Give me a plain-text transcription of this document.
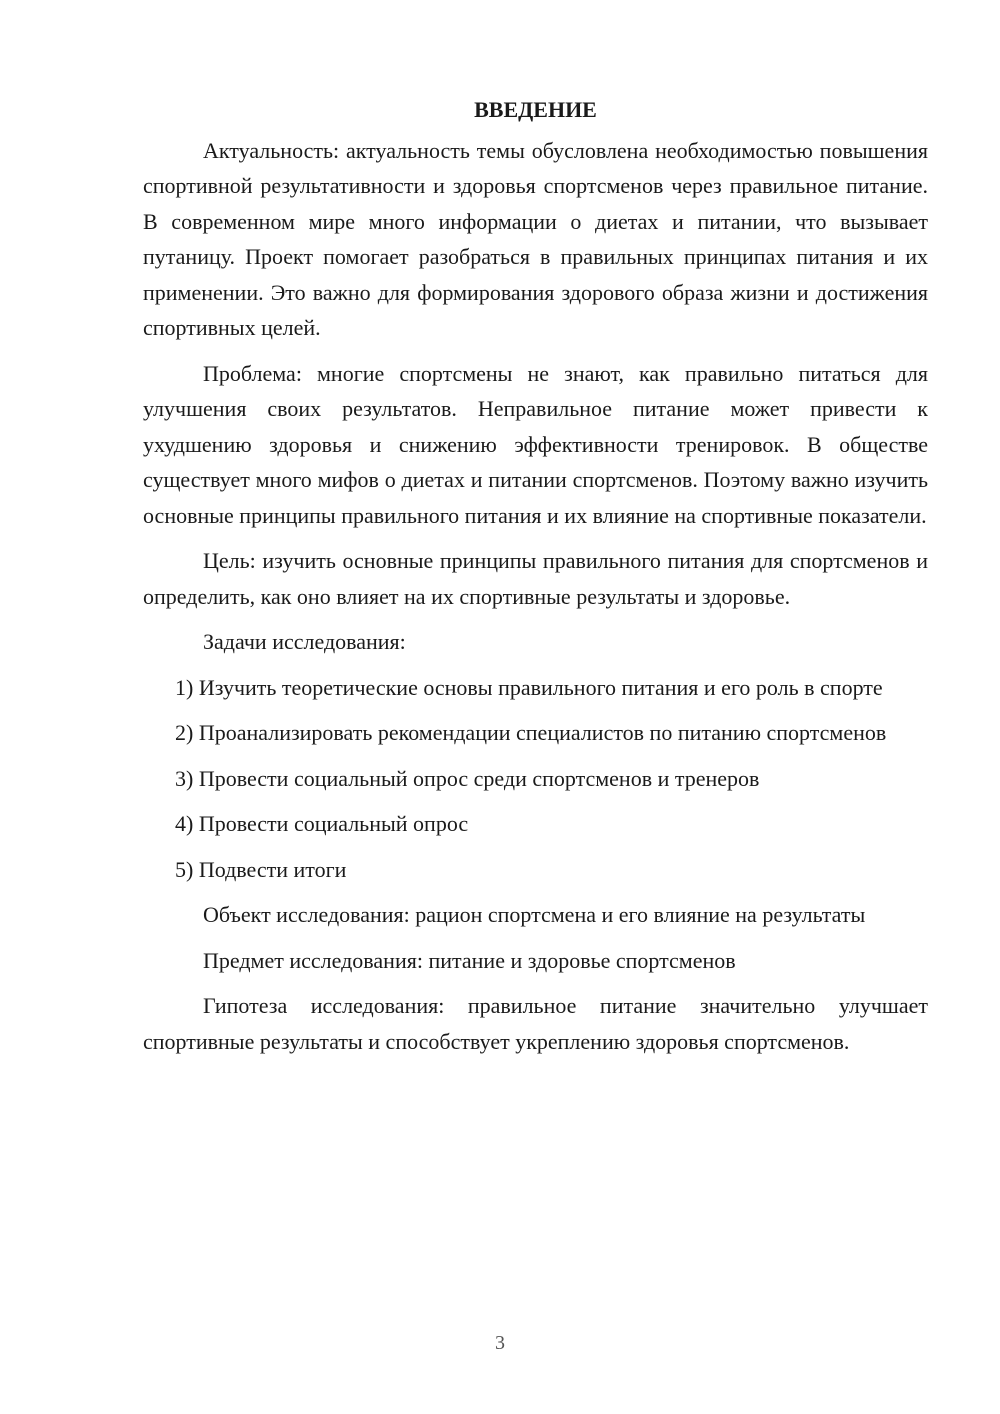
ВВЕДЕНИЕ

Актуальность: актуальность темы обусловлена необходимостью повышения спортивной результативности и здоровья спортсменов через правильное питание. В современном мире много информации о диетах и питании, что вызывает путаницу. Проект помогает разобраться в правильных принципах питания и их применении. Это важно для формирования здорового образа жизни и достижения спортивных целей.

Проблема: многие спортсмены не знают, как правильно питаться для улучшения своих результатов. Неправильное питание может привести к ухудшению здоровья и снижению эффективности тренировок. В обществе существует много мифов о диетах и питании спортсменов. Поэтому важно изучить основные принципы правильного питания и их влияние на спортивные показатели.

Цель: изучить основные принципы правильного питания для спортсменов и определить, как оно влияет на их спортивные результаты и здоровье.

Задачи исследования:

1) Изучить теоретические основы правильного питания и его роль в спорте

2) Проанализировать рекомендации специалистов по питанию спортсменов

3) Провести социальный опрос среди спортсменов и тренеров

4) Провести социальный опрос

5) Подвести итоги

Объект исследования: рацион спортсмена и его влияние на результаты

Предмет исследования: питание и здоровье спортсменов

Гипотеза исследования: правильное питание значительно улучшает спортивные результаты и способствует укреплению здоровья спортсменов.

3
